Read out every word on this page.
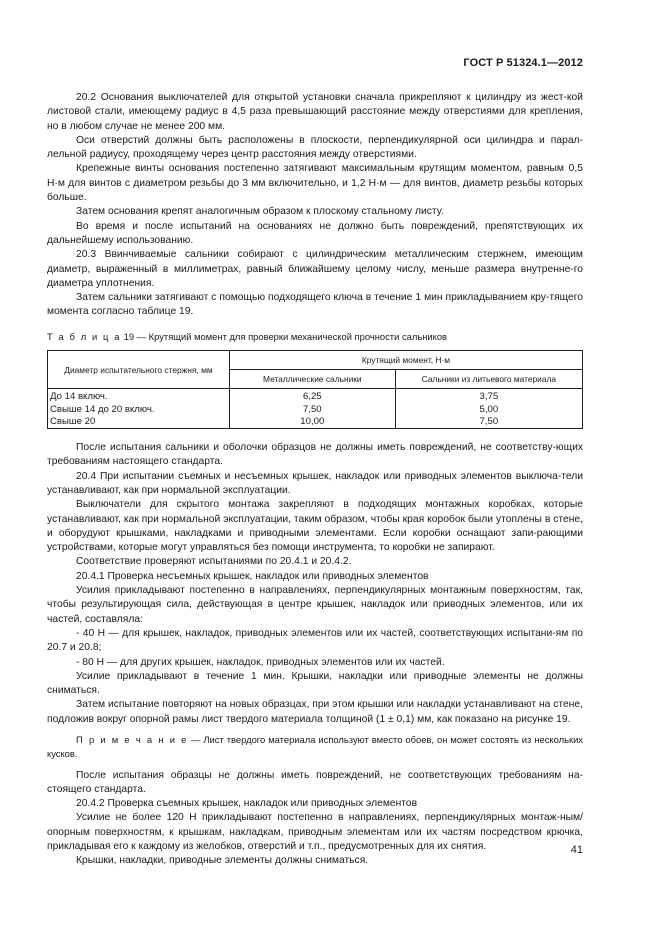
ГОСТ Р 51324.1—2012

20.2 Основания выключателей для открытой установки сначала прикрепляют к цилиндру из жест-кой листовой стали, имеющему радиус в 4,5 раза превышающий расстояние между отверстиями для крепления, но в любом случае не менее 200 мм.

Оси отверстий должны быть расположены в плоскости, перпендикулярной оси цилиндра и парал-лельной радиусу, проходящему через центр расстояния между отверстиями.

Крепежные винты основания постепенно затягивают максимальным крутящим моментом, равным 0,5 Н·м для винтов с диаметром резьбы до 3 мм включительно, и 1,2 Н·м — для винтов, диаметр резьбы которых больше.

Затем основания крепят аналогичным образом к плоскому стальному листу.

Во время и после испытаний на основаниях не должно быть повреждений, препятствующих их дальнейшему использованию.

20.3 Ввинчиваемые сальники собирают с цилиндрическим металлическим стержнем, имеющим диаметр, выраженный в миллиметрах, равный ближайшему целому числу, меньше размера внутренне-го диаметра уплотнения.

Затем сальники затягивают с помощью подходящего ключа в течение 1 мин прикладыванием кру-тящего момента согласно таблице 19.

Т а б л и ц а 19 — Крутящий момент для проверки механической прочности сальников

Диаметр испытательного стержня, мм	Крутящий момент, Н·м	
	Металлические сальники	Сальники из литьевого материала
До 14 включ.	6,25	3,75
Свыше 14 до 20 включ.	7,50	5,00
Свыше 20	10,00	7,50

После испытания сальники и оболочки образцов не должны иметь повреждений, не соответству-ющих требованиям настоящего стандарта.

20.4 При испытании съемных и несъемных крышек, накладок или приводных элементов выключа-тели устанавливают, как при нормальной эксплуатации.

Выключатели для скрытого монтажа закрепляют в подходящих монтажных коробках, которые устанавливают, как при нормальной эксплуатации, таким образом, чтобы края коробок были утоплены в стене, и оборудуют крышками, накладками и приводными элементами. Если коробки оснащают запи-рающими устройствами, которые могут управляться без помощи инструмента, то коробки не запирают.

Соответствие проверяют испытаниями по 20.4.1 и 20.4.2.

20.4.1 Проверка несъемных крышек, накладок или приводных элементов

Усилия прикладывают постепенно в направлениях, перпендикулярных монтажным поверхностям, так, чтобы результирующая сила, действующая в центре крышек, накладок или приводных элементов, или их частей, составляла:

- 40 Н — для крышек, накладок, приводных элементов или их частей, соответствующих испытани-ям по 20.7 и 20.8;

- 80 Н — для других крышек, накладок, приводных элементов или их частей.

Усилие прикладывают в течение 1 мин. Крышки, накладки или приводные элементы не должны сниматься.

Затем испытание повторяют на новых образцах, при этом крышки или накладки устанавливают на стене, подложив вокруг опорной рамы лист твердого материала толщиной (1 ± 0,1) мм, как показано на рисунке 19.

П р и м е ч а н и е — Лист твердого материала используют вместо обоев, он может состоять из нескольких кусков.

После испытания образцы не должны иметь повреждений, не соответствующих требованиям на-стоящего стандарта.

20.4.2 Проверка съемных крышек, накладок или приводных элементов

Усилие не более 120 Н прикладывают постепенно в направлениях, перпендикулярных монтаж-ным/опорным поверхностям, к крышкам, накладкам, приводным элементам или их частям посредством крючка, прикладывая его к каждому из желобков, отверстий и т.п., предусмотренных для их снятия.

Крышки, накладки, приводные элементы должны сниматься.

41
